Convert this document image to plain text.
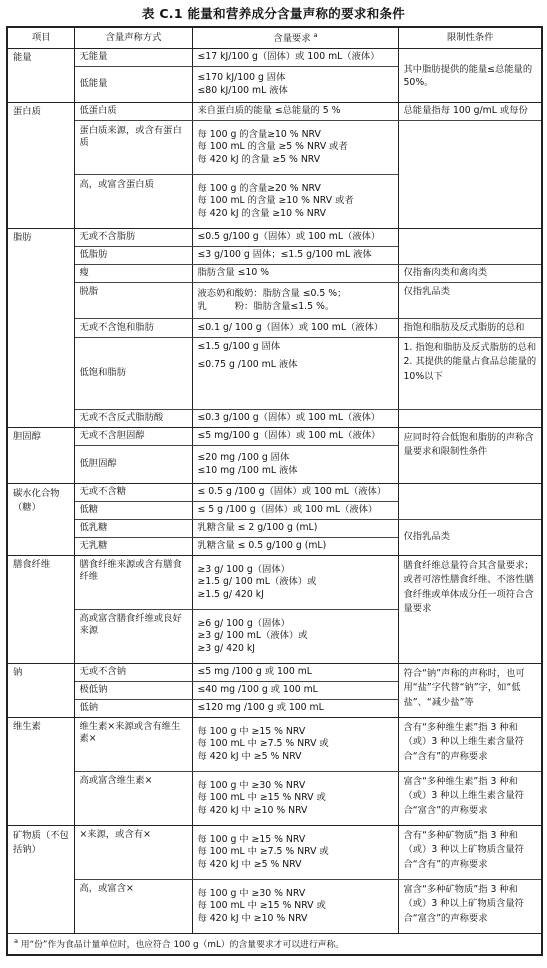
表 C.1 能量和营养成分含量声称的要求和条件
项目	含量声称方式	含量要求 $^a$	限制性条件
能量	无能量	≤17 kJ/100 g（固体）或 100 mL（液体）	其中脂肪提供的能量≤总能量的 50%。
	低能量	≤170 kJ/100 g 固体
≤80 kJ/100 mL 液体	

蛋白质	低蛋白质	来自蛋白质的能量 ≤总能量的 5 %	总能量指每 100 g/mL 或每份
	蛋白质来源，或含有蛋白质	每 100 g 的含量≥10 % NRV
每 100 mL 的含量 ≥5 % NRV 或者
每 420 kJ 的含量 ≥5 % NRV	

	高，或富含蛋白质	每 100 g 的含量≥20 % NRV
每 100 mL 的含量 ≥10 % NRV 或者
每 420 kJ 的含量 ≥10 % NRV	

脂肪	无或不含脂肪	≤0.5 g/100 g（固体）或 100 mL（液体）	
	低脂肪	≤3 g/100 g 固体；≤1.5 g/100 mL 液体	
	瘦	脂肪含量 ≤10 %	仅指畜肉类和禽肉类
	脱脂	液态奶和酸奶：脂肪含量 ≤0.5 %；
乳　　　粉：脂肪含量≤1.5 %。	仅指乳品类
	无或不含饱和脂肪	≤0.1 g/ 100 g（固体）或 100 mL（液体）	指饱和脂肪及反式脂肪的总和
	低饱和脂肪	≤1.5 g/100 g 固体
≤0.75 g /100 mL 液体	1. 指饱和脂肪及反式脂肪的总和
2. 其提供的能量占食品总能量的 10%以下

	无或不含反式脂肪酸	≤0.3 g/100 g（固体）或 100 mL（液体）	
胆固醇	无或不含胆固醇	≤5 mg/100 g（固体）或 100 mL（液体）	应同时符合低饱和脂肪的声称含量要求和限制性条件
	低胆固醇	≤20 mg /100 g 固体
≤10 mg /100 mL 液体	

碳水化合物（糖）	无或不含糖	≤ 0.5 g /100 g（固体）或 100 mL（液体）	
	低糖	≤ 5 g /100 g（固体）或 100 mL（液体）	
	低乳糖	乳糖含量 ≤ 2 g/100 g (mL)	仅指乳品类
	无乳糖	乳糖含量 ≤ 0.5 g/100 g (mL)	
膳食纤维	膳食纤维来源或含有膳食纤维	≥3 g/ 100 g（固体）
≥1.5 g/ 100 mL（液体）或
≥1.5 g/ 420 kJ	膳食纤维总量符合其含量要求；或者可溶性膳食纤维、不溶性膳食纤维或单体成分任一项符合含量要求
	高或富含膳食纤维或良好来源	≥6 g/ 100 g（固体）
≥3 g/ 100 mL（液体）或
≥3 g/ 420 kJ	

钠	无或不含钠	≤5 mg /100 g 或 100 mL	符合“钠”声称的声称时，也可用“盐”字代替“钠”字，如“低盐”、“减少盐”等
	极低钠	≤40 mg /100 g 或 100 mL	
	低钠	≤120 mg /100 g 或 100 mL	
维生素	维生素×来源或含有维生素×	每 100 g 中 ≥15 % NRV
每 100 mL 中 ≥7.5 % NRV 或
每 420 kJ 中 ≥5 % NRV	含有“多种维生素”指 3 种和（或）3 种以上维生素含量符合“含有”的声称要求
	高或富含维生素×	每 100 g 中 ≥30 % NRV
每 100 mL 中 ≥15 % NRV 或
每 420 kJ 中 ≥10 % NRV	富含“多种维生素”指 3 种和（或）3 种以上维生素含量符合“富含”的声称要求
矿物质（不包括钠）	×来源，或含有×	每 100 g 中 ≥15 % NRV
每 100 mL 中 ≥7.5 % NRV 或
每 420 kJ 中 ≥5 % NRV	含有“多种矿物质”指 3 种和（或）3 种以上矿物质含量符合“含有”的声称要求
	高，或富含×	每 100 g 中 ≥30 % NRV
每 100 mL 中 ≥15 % NRV 或
每 420 kJ 中 ≥10 % NRV	富含“多种矿物质”指 3 种和（或）3 种以上矿物质含量符合“富含”的声称要求
$^a$ 用“份”作为食品计量单位时，也应符合 100 g（mL）的含量要求才可以进行声称。			
